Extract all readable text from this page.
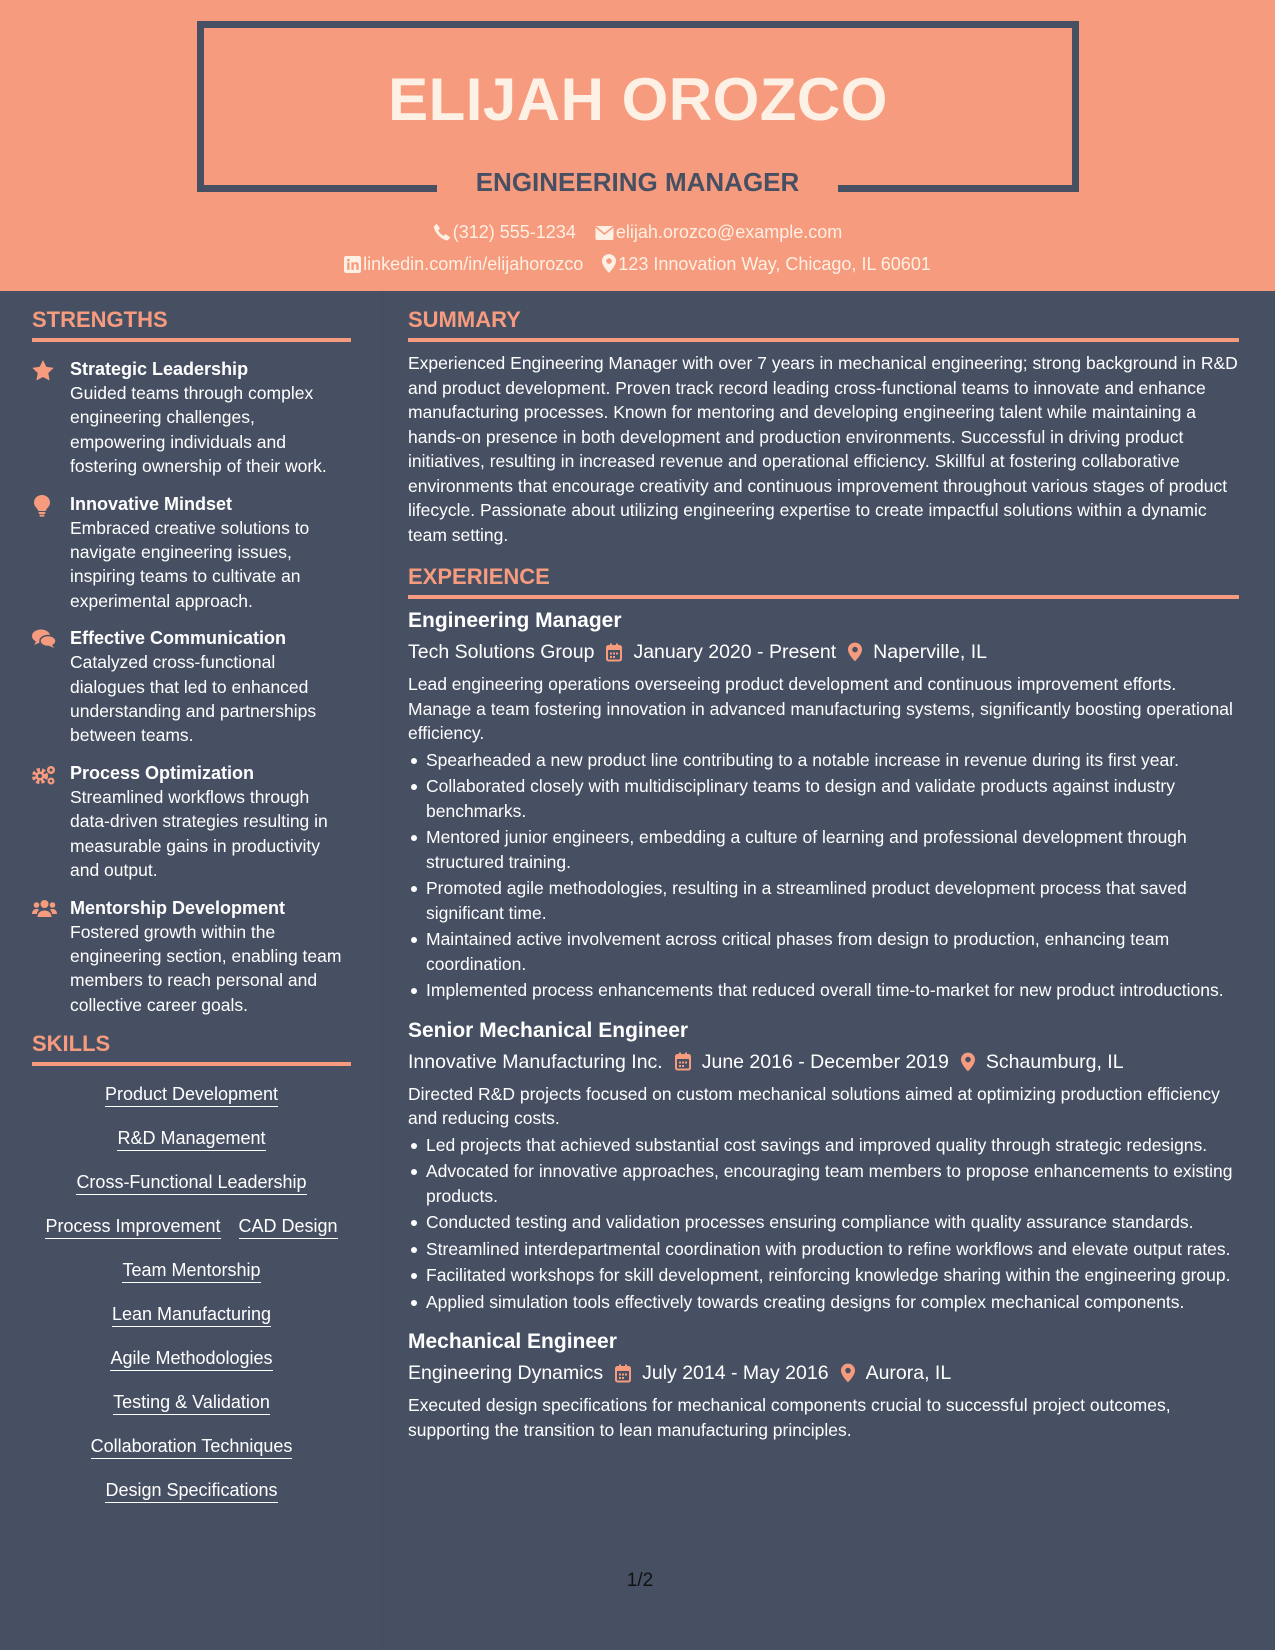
ELIJAH OROZCO
ENGINEERING MANAGER
(312) 555-1234 elijah.orozco@example.com
linkedin.com/in/elijahorozco 123 Innovation Way, Chicago, IL 60601
STRENGTHS
Strategic Leadership
Guided teams through complex engineering challenges, empowering individuals and fostering ownership of their work.
Innovative Mindset
Embraced creative solutions to navigate engineering issues, inspiring teams to cultivate an experimental approach.
Effective Communication
Catalyzed cross-functional dialogues that led to enhanced understanding and partnerships between teams.
Process Optimization
Streamlined workflows through data-driven strategies resulting in measurable gains in productivity and output.
Mentorship Development
Fostered growth within the engineering section, enabling team members to reach personal and collective career goals.
SKILLS
Product Development
R&D Management
Cross-Functional Leadership
Process Improvement CAD Design
Team Mentorship
Lean Manufacturing
Agile Methodologies
Testing & Validation
Collaboration Techniques
Design Specifications
SUMMARY
Experienced Engineering Manager with over 7 years in mechanical engineering; strong background in R&D and product development. Proven track record leading cross-functional teams to innovate and enhance manufacturing processes. Known for mentoring and developing engineering talent while maintaining a hands-on presence in both development and production environments. Successful in driving product initiatives, resulting in increased revenue and operational efficiency. Skillful at fostering collaborative environments that encourage creativity and continuous improvement throughout various stages of product lifecycle. Passionate about utilizing engineering expertise to create impactful solutions within a dynamic team setting.
EXPERIENCE
Engineering Manager
Tech Solutions Group January 2020 - Present Naperville, IL
Lead engineering operations overseeing product development and continuous improvement efforts. Manage a team fostering innovation in advanced manufacturing systems, significantly boosting operational efficiency.
Spearheaded a new product line contributing to a notable increase in revenue during its first year.
Collaborated closely with multidisciplinary teams to design and validate products against industry benchmarks.
Mentored junior engineers, embedding a culture of learning and professional development through structured training.
Promoted agile methodologies, resulting in a streamlined product development process that saved significant time.
Maintained active involvement across critical phases from design to production, enhancing team coordination.
Implemented process enhancements that reduced overall time-to-market for new product introductions.
Senior Mechanical Engineer
Innovative Manufacturing Inc. June 2016 - December 2019 Schaumburg, IL
Directed R&D projects focused on custom mechanical solutions aimed at optimizing production efficiency and reducing costs.
Led projects that achieved substantial cost savings and improved quality through strategic redesigns.
Advocated for innovative approaches, encouraging team members to propose enhancements to existing products.
Conducted testing and validation processes ensuring compliance with quality assurance standards.
Streamlined interdepartmental coordination with production to refine workflows and elevate output rates.
Facilitated workshops for skill development, reinforcing knowledge sharing within the engineering group.
Applied simulation tools effectively towards creating designs for complex mechanical components.
Mechanical Engineer
Engineering Dynamics July 2014 - May 2016 Aurora, IL
Executed design specifications for mechanical components crucial to successful project outcomes, supporting the transition to lean manufacturing principles.
1/2
